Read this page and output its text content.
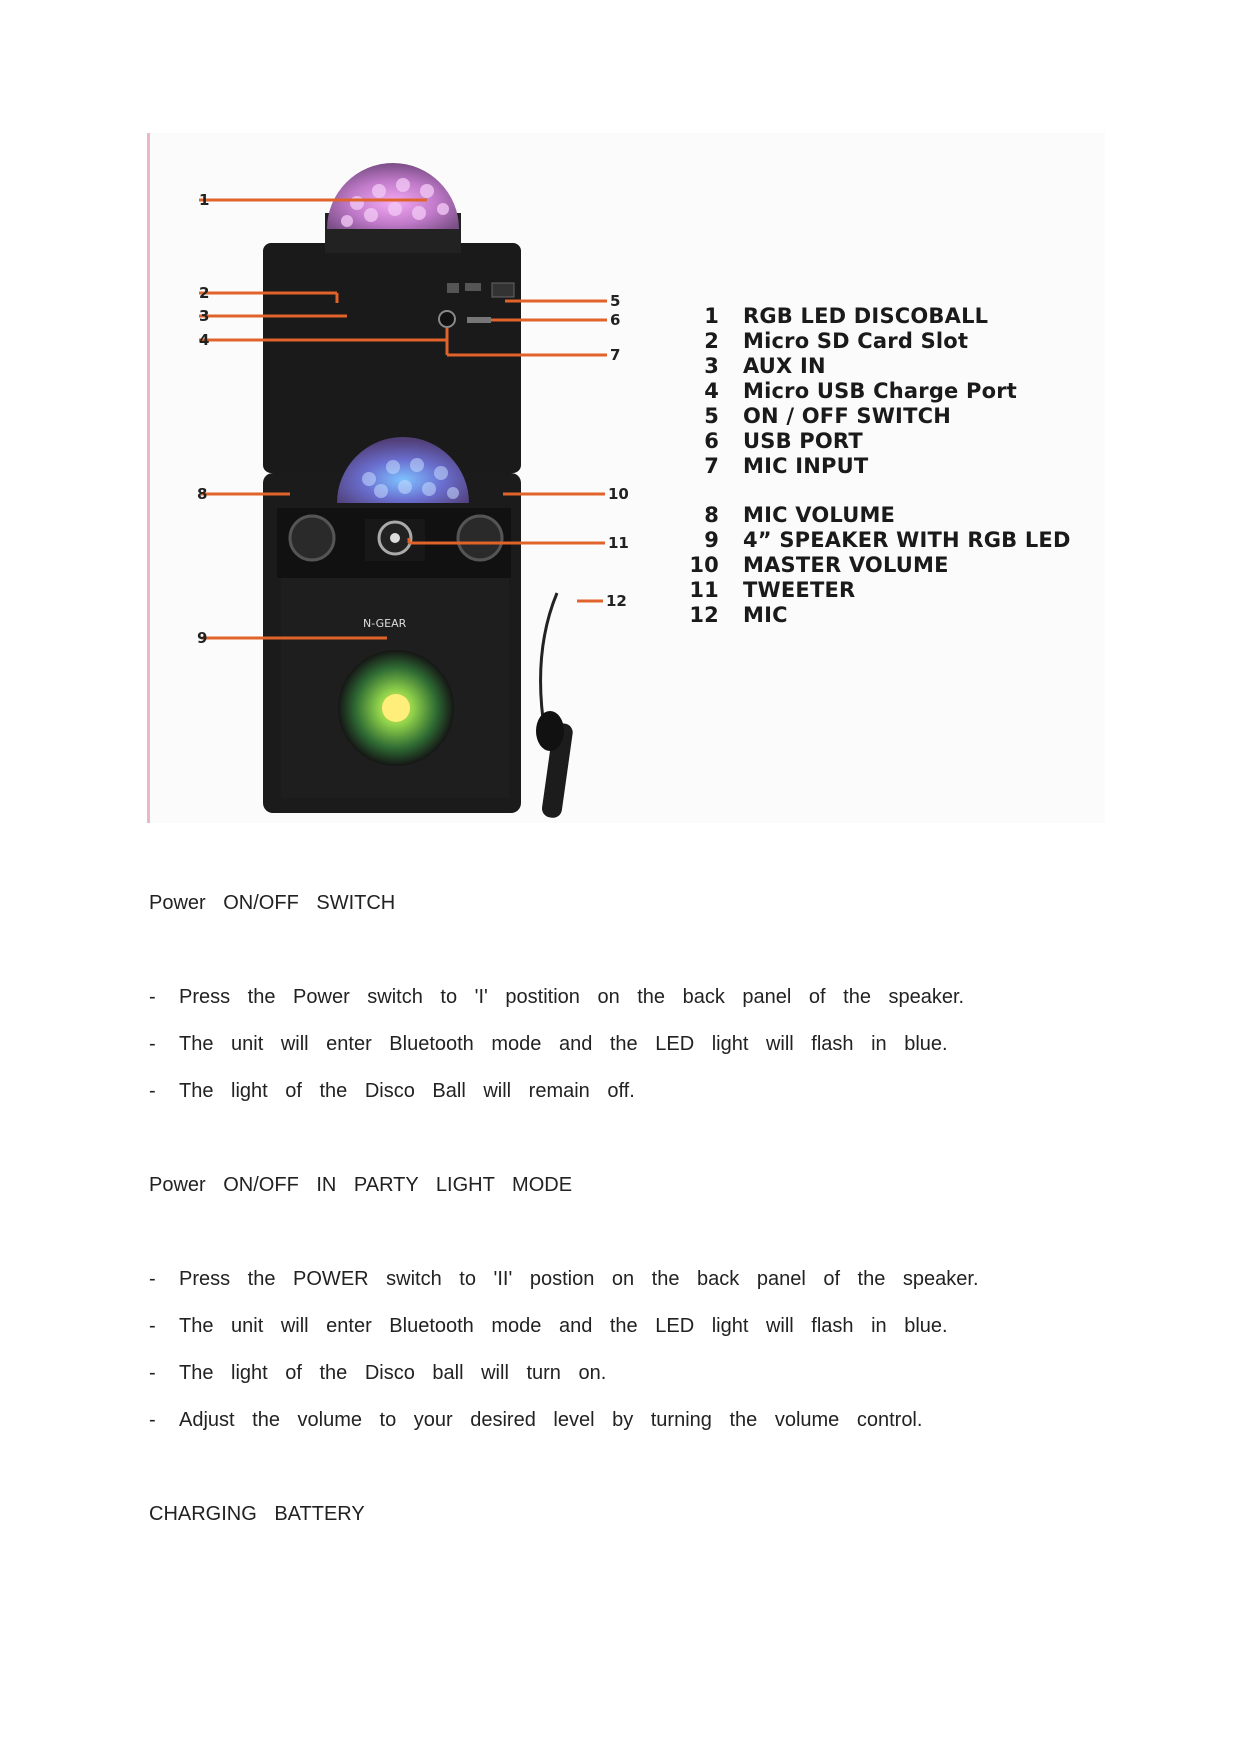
N-GEAR
1
2
3
4
5
6
7
8
9
10
11
12
1	RGB LED DISCOBALL
2	Micro SD Card Slot
3	AUX IN
4	Micro USB Charge Port
5	ON / OFF SWITCH
6	USB PORT
7	MIC INPUT
8	MIC VOLUME
9	4” SPEAKER WITH RGB LED
10	MASTER VOLUME
11	TWEETER
12	MIC
Power ON/OFF SWITCH
-	Press the Power switch to 'I' postition on the back panel of the speaker.
-	The unit will enter Bluetooth mode and the LED light will flash in blue.
-	The light of the Disco Ball will remain off.
Power ON/OFF IN PARTY LIGHT MODE
-	Press the POWER switch to 'II' postion on the back panel of the speaker.
-	The unit will enter Bluetooth mode and the LED light will flash in blue.
-	The light of the Disco ball will turn on.
-	Adjust the volume to your desired level by turning the volume control.
CHARGING BATTERY
